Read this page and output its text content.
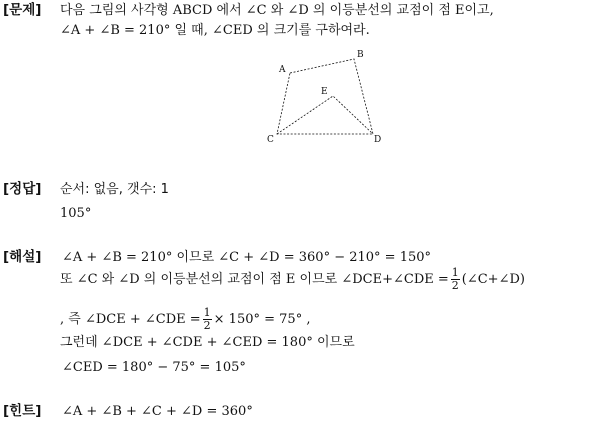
[문제] 다음 그림의 사각형 ABCD 에서 ∠C 와 ∠D 의 이등분선의 교점이 점 E이고,
∠A + ∠B = 210° 일 때, ∠CED 의 크기를 구하여라.
A
B
C	D
E
[정답] 순서: 없음, 갯수: 1
105°
[해설] ∠A + ∠B = 210° 이므로 ∠C + ∠D = 360° − 210° = 150°
또 ∠C 와 ∠D 의 이등분선의 교점이 점 E 이므로 ∠DCE+∠CDE = $\frac{1}{2}$ (∠C+∠D)
, 즉 ∠DCE + ∠CDE = $\frac{1}{2} \times 150^\circ = 75^\circ$ ,
그런데 ∠DCE + ∠CDE + ∠CED = 180° 이므로
∠CED = 180° − 75° = 105°
[힌트] ∠A + ∠B + ∠C + ∠D = 360°
